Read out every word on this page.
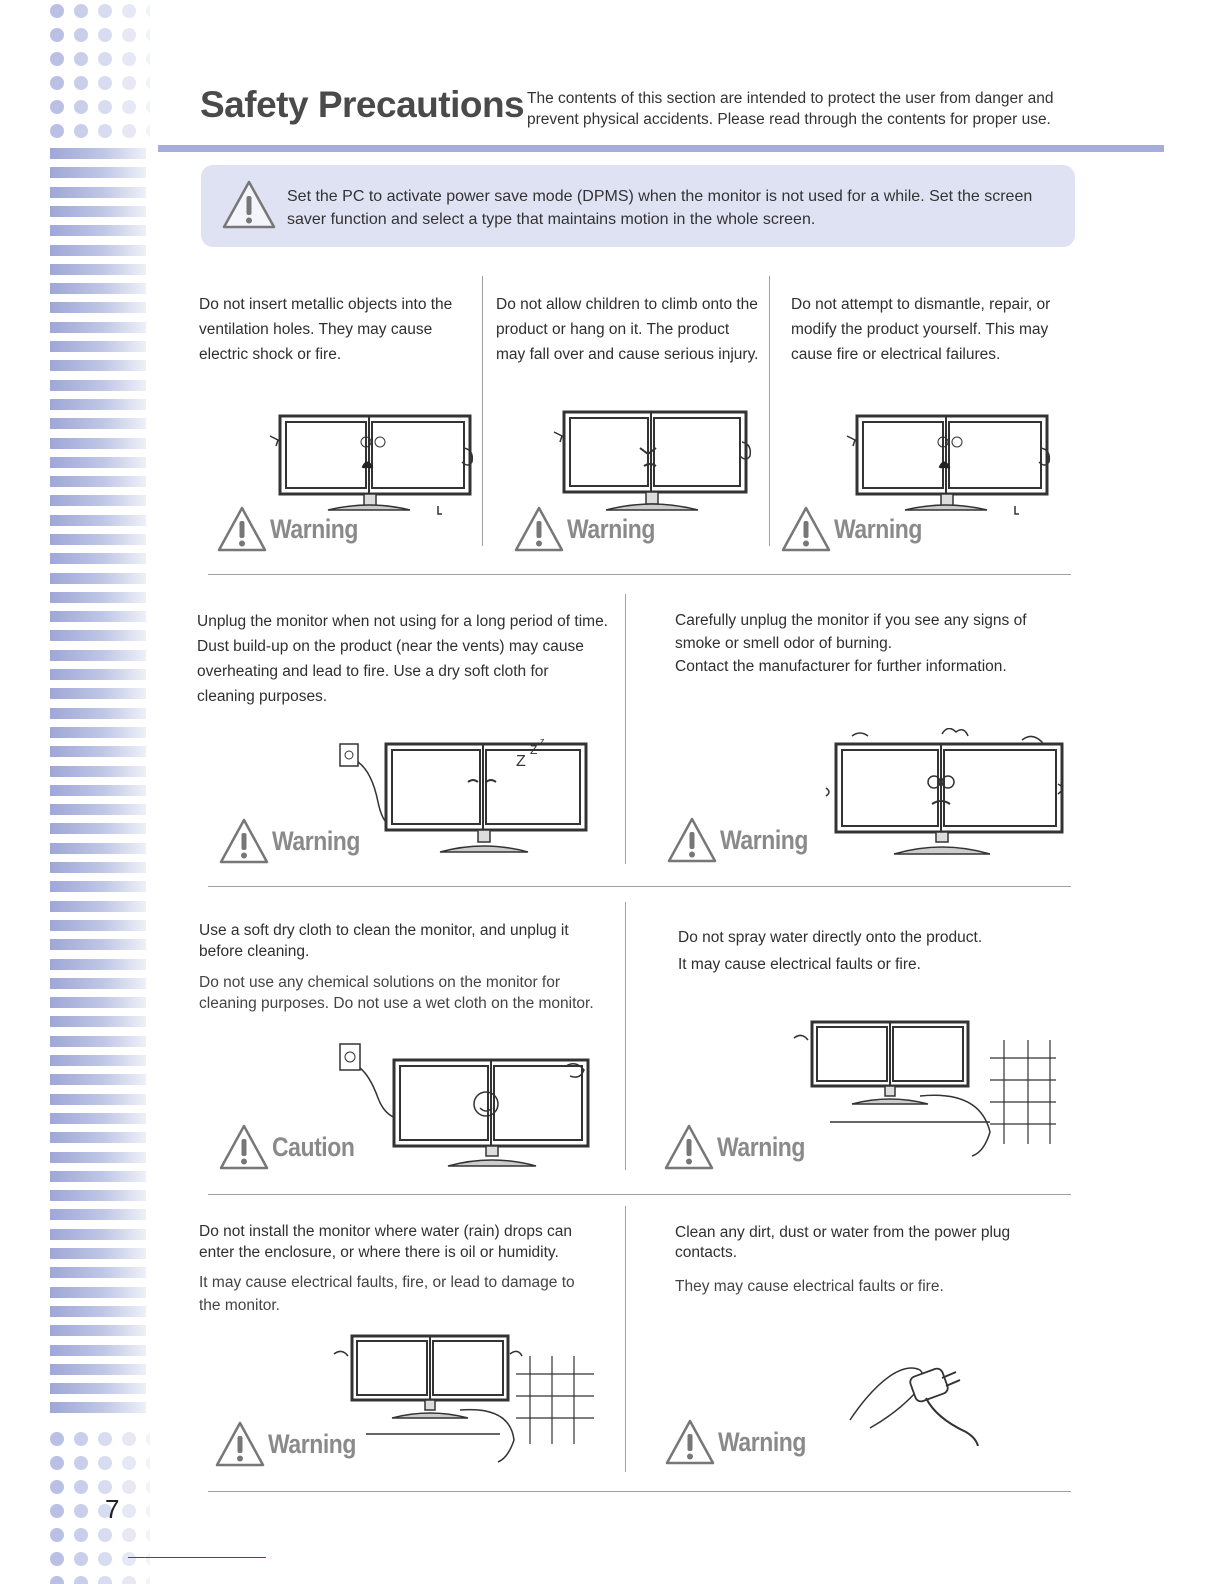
Safety Precautions The contents of this section are intended to protect the user from danger and prevent physical accidents. Please read through the contents for proper use.
Set the PC to activate power save mode (DPMS) when the monitor is not used for a while. Set the screen saver function and select a type that maintains motion in the whole screen.

Do not insert metallic objects into the ventilation holes. They may cause electric shock or fire.

Do not allow children to climb onto the product or hang on it. The product may fall over and cause serious injury.

Do not attempt to dismantle, repair, or modify the product yourself. This may cause fire or electrical failures.

Warning	Warning	Warning

Unplug the monitor when not using for a long period of time.

Dust build-up on the product (near the vents) may cause overheating and lead to fire. Use a dry soft cloth for cleaning purposes.

Carefully unplug the monitor if you see any signs of smoke or smell odor of burning.

Contact the manufacturer for further information.

Z
Z
z
Warning	Warning

Use a soft dry cloth to clean the monitor, and unplug it before cleaning.

Do not use any chemical solutions on the monitor for cleaning purposes. Do not use a wet cloth on the monitor.

Do not spray water directly onto the product.

It may cause electrical faults or fire.

Caution	Warning

Do not install the monitor where water (rain) drops can enter the enclosure, or where there is oil or humidity.

It may cause electrical faults, fire, or lead to damage to the monitor.

Clean any dirt, dust or water from the power plug contacts.

They may cause electrical faults or fire.

Warning	Warning
7
